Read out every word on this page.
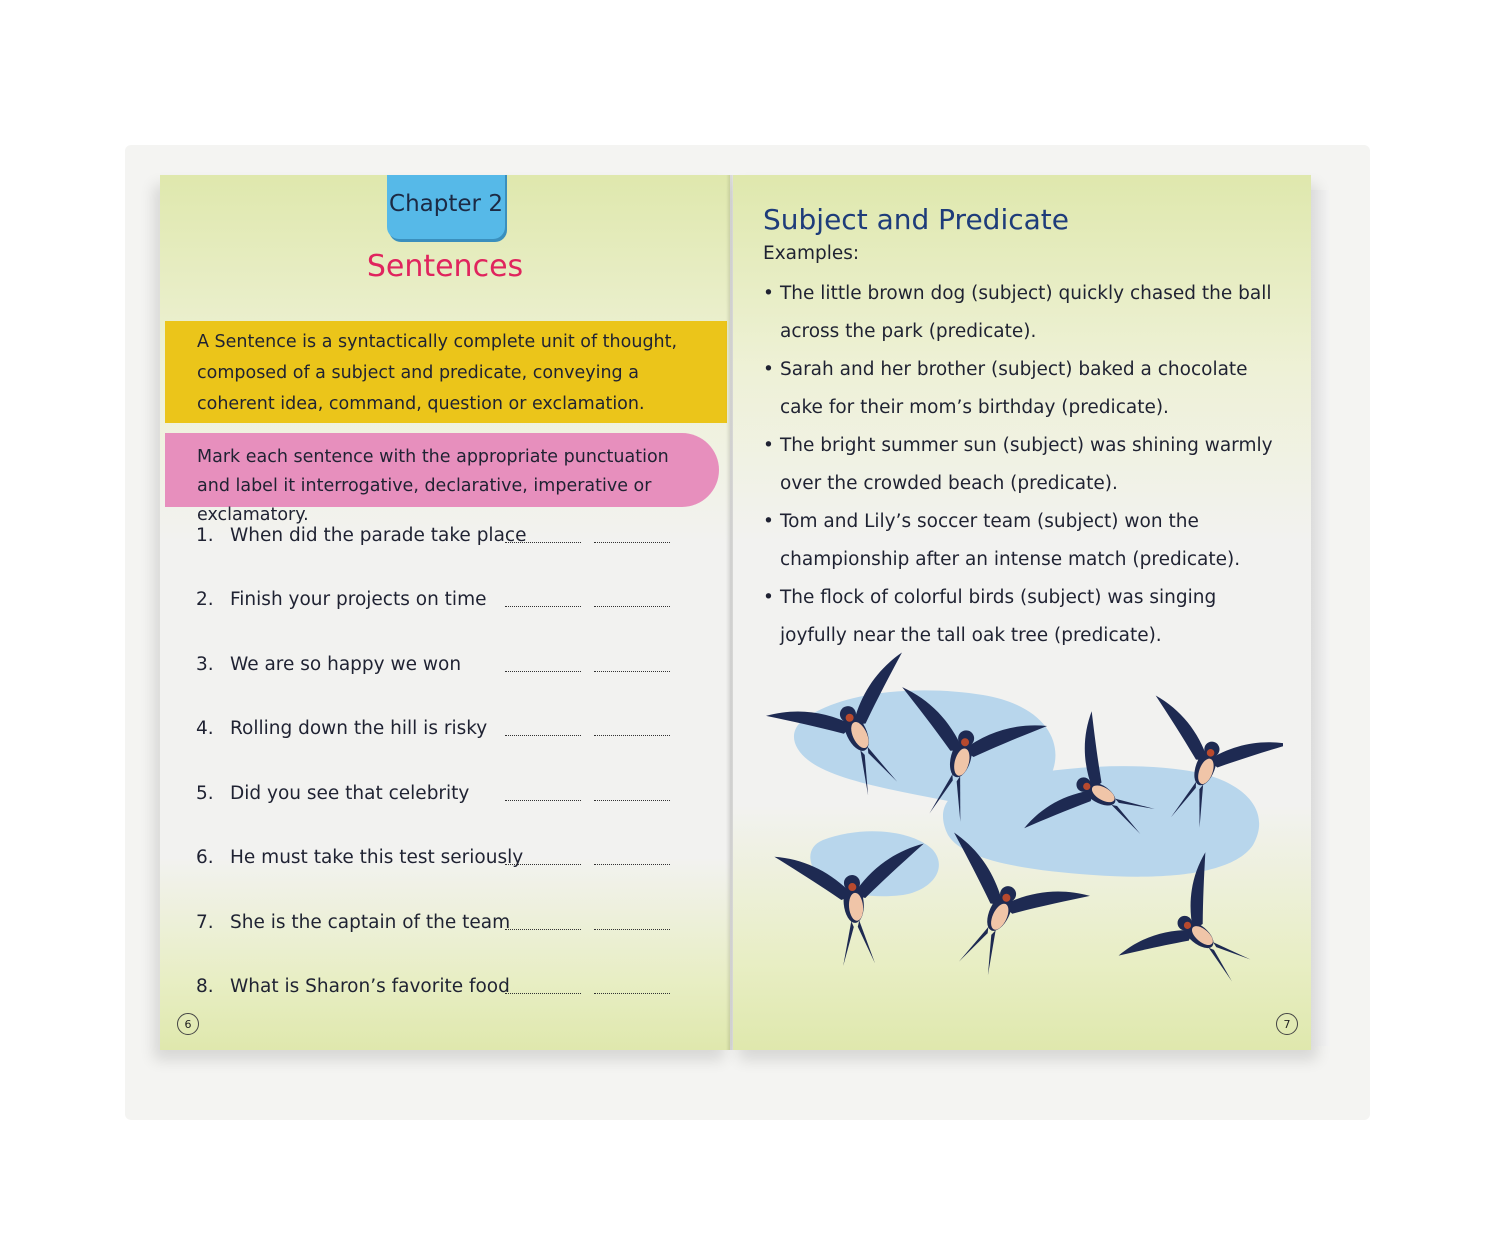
Chapter 2
Sentences
A Sentence is a syntactically complete unit of thought, composed of a subject and predicate, conveying a coherent idea, command, question or exclamation.
Mark each sentence with the appropriate punctuation and label it interrogative, declarative, imperative or exclamatory.
1. When did the parade take place
2. Finish your projects on time
3. We are so happy we won
4. Rolling down the hill is risky
5. Did you see that celebrity
6. He must take this test seriously
7. She is the captain of the team
8. What is Sharon’s favorite food
6
Subject and Predicate
Examples:
• The little brown dog (subject) quickly chased the ball across the park (predicate).
• Sarah and her brother (subject) baked a chocolate cake for their mom’s birthday (predicate).
• The bright summer sun (subject) was shining warmly over the crowded beach (predicate).
• Tom and Lily’s soccer team (subject) won the championship after an intense match (predicate).
• The flock of colorful birds (subject) was singing joyfully near the tall oak tree (predicate).
7
